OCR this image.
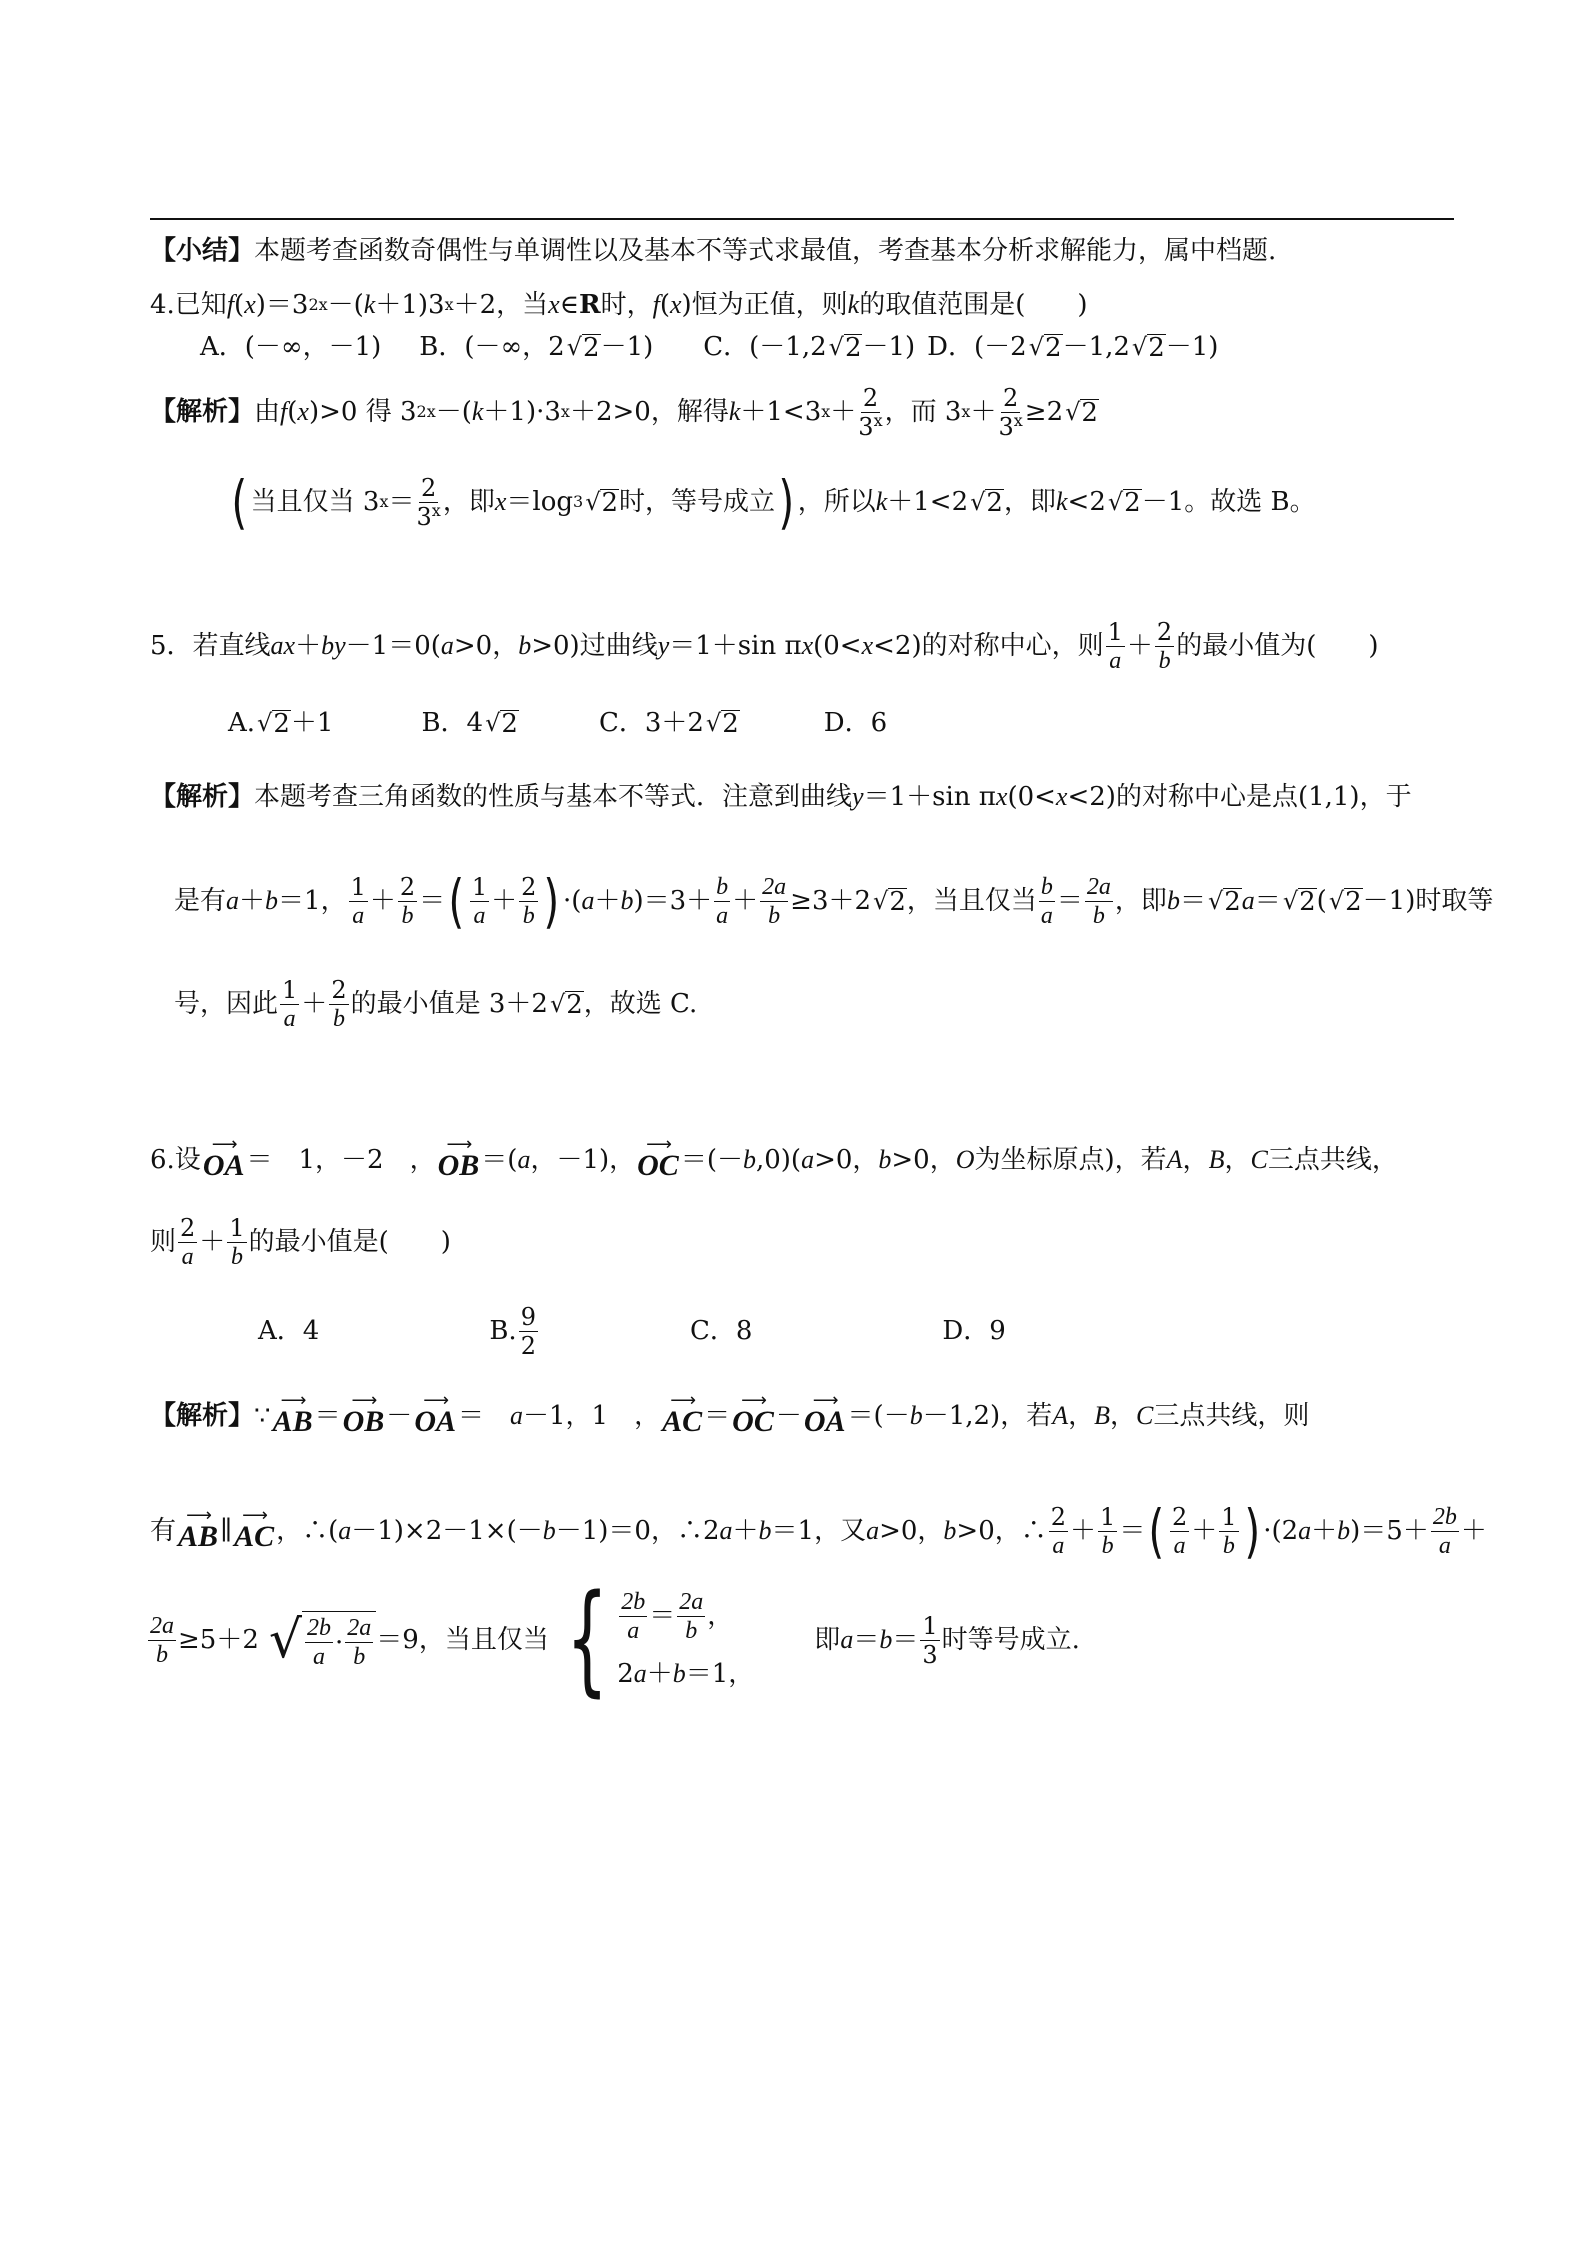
【小结】 本题考查函数奇偶性与单调性以及基本不等式求最值，考查基本分析求解能力，属中档题.
4.已知 f ( x )＝3 2x －( k ＋1)3 x ＋2，当 x ∈ R 时， f ( x )恒为正值，则 k 的取值范围是(　　)
A．(－∞，－1) B．(－∞，2 √ 2 －1) C．(－1,2 √ 2 －1) D．(－2 √ 2 －1,2 √ 2 －1)
【解析】 由 f ( x )>0 得 3 2x －( k ＋1)·3 x ＋2>0，解得 k ＋1<3 $x + \frac{2}{3^x}$ ，而 3 $x + \frac{2}{3^x} \ge 2$ √ 2
( 当且仅当 3 $x = \frac{2}{3^x}$ ，即 x ＝log 3 √ 2 时，等号成立 ) ，所以 k ＋1<2 √ 2 ，即 k <2 √ 2 －1。故选 B。
5．若直线 ax ＋ by －1＝0( a >0， b >0)过曲线 y ＝1＋sin π x (0< x <2)的对称中心，则 $\frac{1}{a} + \frac{2}{b}$ 的最小值为(　　)
A. √ 2 ＋1	B．4 √ 2	C．3＋2 √ 2	D．6
【解析】 本题考查三角函数的性质与基本不等式．注意到曲线 y ＝1＋sin π x (0< x <2)的对称中心是点(1,1)，于
是有 a ＋ b ＝1， $\frac{1}{a} + \frac{2}{b}$ ＝ ( $\frac{1}{a} + \frac{2}{b}$ ) ·( a ＋ b )$=3+ \frac{b}{a} + \frac{2a}{b} \ge 3+2$ √ 2 ，当且仅当 $\frac{b}{a} = \frac{2a}{b}$ ，即 b ＝ √ 2 a ＝ √ 2 ( √ 2 －1)时取等
号，因此 $\frac{1}{a} + \frac{2}{b}$ 的最小值是 3＋2 √ 2 ，故选 C.
6.设
⟶
OA ＝　1，－2　，
⟶
OB ＝( a ，－1)，
⟶
OC ＝(－ b ,0)( a >0， b >0， O 为坐标原点)，若 A ， B ， C 三点共线，
则 $\frac{2}{a} + \frac{1}{b}$ 的最小值是(　　)
A．4	B. $\frac{9}{2}$	C．8	D．9
【解析】 ∵
⟶
AB ＝
⟶
OB －
⟶
OA ＝　 a －1，1　，
⟶
AC ＝
⟶
OC －
⟶
OA ＝(－ b －1,2)，若 A ， B ， C 三点共线，则
有
⟶
AB ∥
⟶
AC ，∴( a －1)×2－1×(－ b －1)＝0，∴2 a ＋ b ＝1，又 a >0， b >0，∴ $\frac{2}{a} + \frac{1}{b}$ ＝ ( $\frac{2}{a} + \frac{1}{b}$ ) ·(2 a ＋ b )$=5+ \frac{2b}{a}$ ＋
$\frac{2a}{b} \ge 5+2$ √ $\frac{2b}{a} \cdot \frac{2a}{b} =9$，当且仅当 { $\frac{2b}{a} = \frac{2a}{b}$ ，
2 a ＋ b ＝1，
即 $a = b = \frac{1}{3}$ 时等号成立.
